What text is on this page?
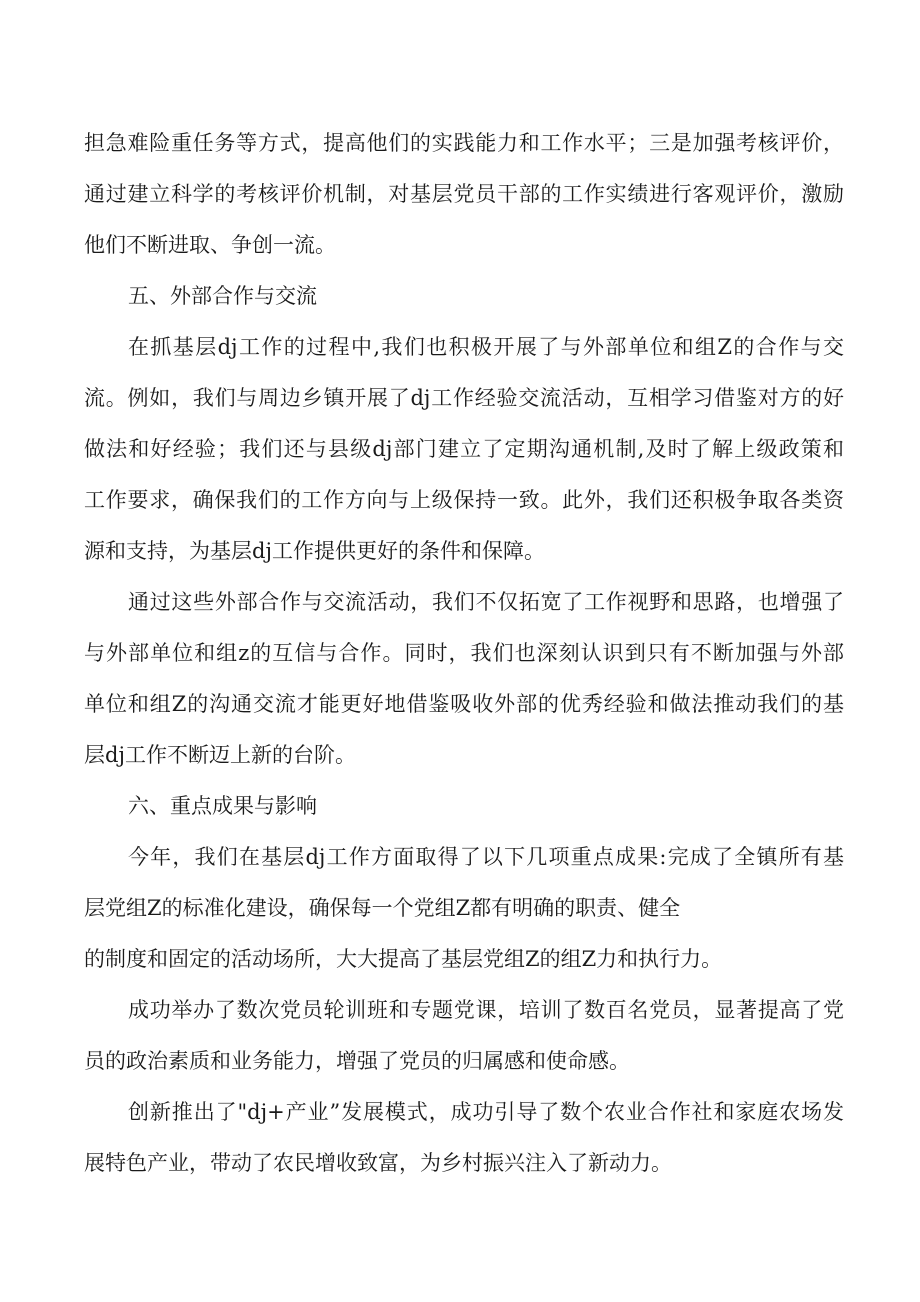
担急难险重任务等方式，提高他们的实践能力和工作水平；三是加强考核评价，
通过建立科学的考核评价机制，对基层党员干部的工作实绩进行客观评价，激励
他们不断进取、争创一流。
五、外部合作与交流
在抓基层dj工作的过程中,我们也积极开展了与外部单位和组Z的合作与交
流。例如，我们与周边乡镇开展了dj工作经验交流活动，互相学习借鉴对方的好
做法和好经验；我们还与县级dj部门建立了定期沟通机制,及时了解上级政策和
工作要求，确保我们的工作方向与上级保持一致。此外，我们还积极争取各类资
源和支持，为基层dj工作提供更好的条件和保障。
通过这些外部合作与交流活动，我们不仅拓宽了工作视野和思路，也增强了
与外部单位和组z的互信与合作。同时，我们也深刻认识到只有不断加强与外部
单位和组Z的沟通交流才能更好地借鉴吸收外部的优秀经验和做法推动我们的基
层dj工作不断迈上新的台阶。
六、重点成果与影响
今年，我们在基层dj工作方面取得了以下几项重点成果:完成了全镇所有基
层党组Z的标准化建设，确保每一个党组Z都有明确的职责、健全
的制度和固定的活动场所，大大提高了基层党组Z的组Z力和执行力。
成功举办了数次党员轮训班和专题党课，培训了数百名党员，显著提高了党
员的政治素质和业务能力，增强了党员的归属感和使命感。
创新推出了"dj+产业”发展模式，成功引导了数个农业合作社和家庭农场发
展特色产业，带动了农民增收致富，为乡村振兴注入了新动力。
